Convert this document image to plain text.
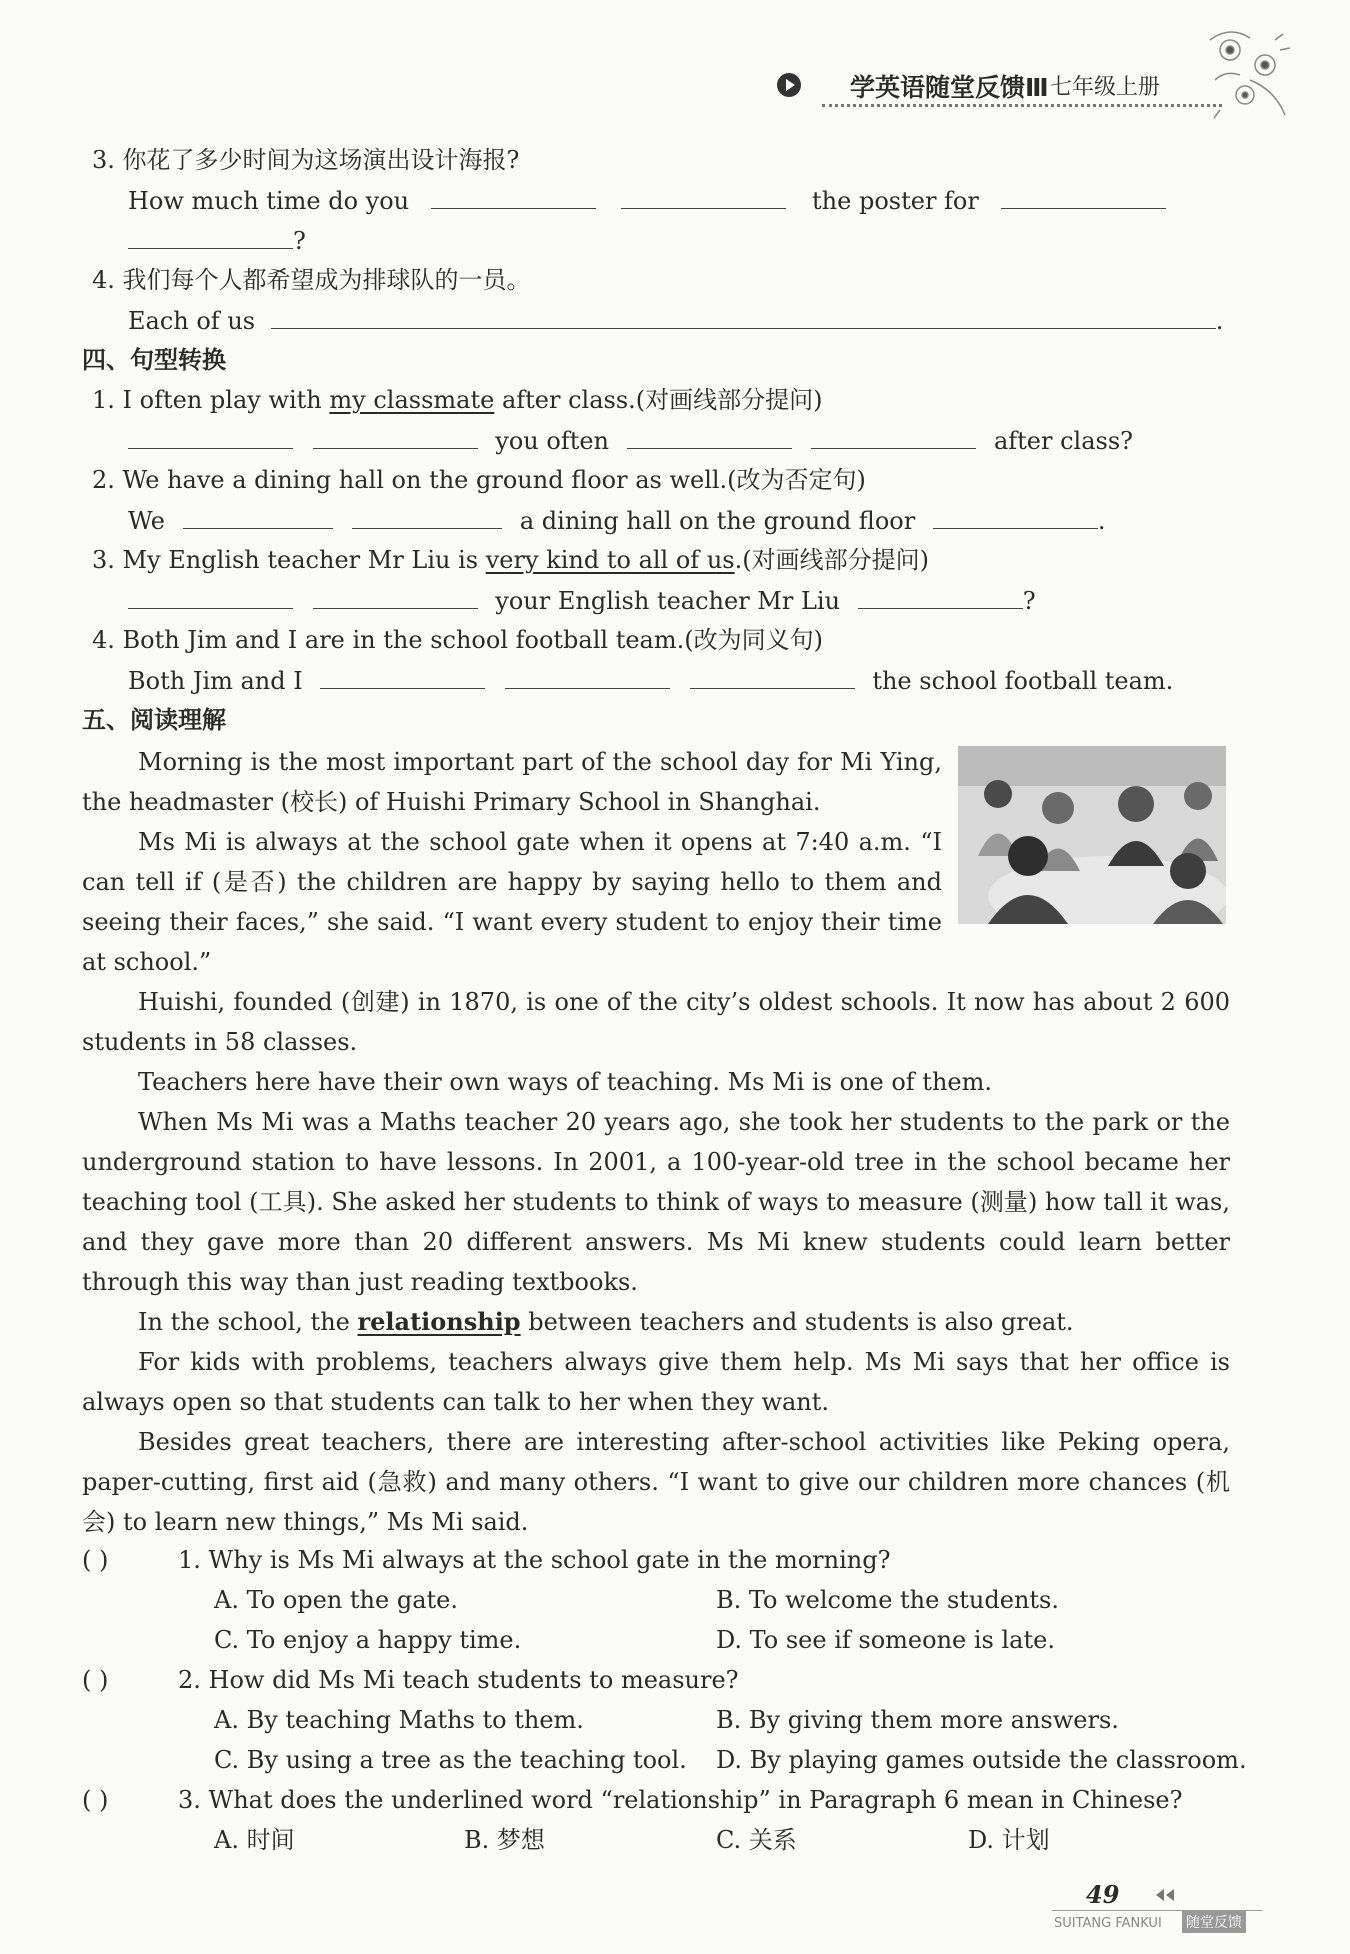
学英语随堂反馈Ⅲ 七年级上册
3. 你花了多少时间为这场演出设计海报?
How much time do you	the poster for
?
4. 我们每个人都希望成为排球队的一员。
Each of us	.
四、句型转换
1. I often play with my classmate after class.(对画线部分提问)
you often	after class?
2. We have a dining hall on the ground floor as well.(改为否定句)
We	a dining hall on the ground floor	.
3. My English teacher Mr Liu is very kind to all of us.(对画线部分提问)
your English teacher Mr Liu	?
4. Both Jim and I are in the school football team.(改为同义句)
Both Jim and I	the school football team.
五、阅读理解

Morning is the most important part of the school day for Mi Ying, the headmaster (校长) of Huishi Primary School in Shanghai.

Ms Mi is always at the school gate when it opens at 7:40 a.m. “I can tell if (是否) the children are happy by saying hello to them and seeing their faces,” she said. “I want every student to enjoy their time at school.”

Huishi, founded (创建) in 1870, is one of the city’s oldest schools. It now has about 2 600 students in 58 classes.

Teachers here have their own ways of teaching. Ms Mi is one of them.

When Ms Mi was a Maths teacher 20 years ago, she took her students to the park or the underground station to have lessons. In 2001, a 100-year-old tree in the school became her teaching tool (工具). She asked her students to think of ways to measure (测量) how tall it was, and they gave more than 20 different answers. Ms Mi knew students could learn better through this way than just reading textbooks.

In the school, the relationship between teachers and students is also great.

For kids with problems, teachers always give them help. Ms Mi says that her office is always open so that students can talk to her when they want.

Besides great teachers, there are interesting after-school activities like Peking opera, paper-cutting, first aid (急救) and many others. “I want to give our children more chances (机会) to learn new things,” Ms Mi said.

( )	1. Why is Ms Mi always at the school gate in the morning?
A. To open the gate.	B. To welcome the students.
C. To enjoy a happy time.	D. To see if someone is late.
( )	2. How did Ms Mi teach students to measure?
A. By teaching Maths to them.	B. By giving them more answers.
C. By using a tree as the teaching tool. D. By playing games outside the classroom.
( )	3. What does the underlined word “relationship” in Paragraph 6 mean in Chinese?
A. 时间	B. 梦想	C. 关系	D. 计划
49
SUITANG FANKUI 随堂反馈
